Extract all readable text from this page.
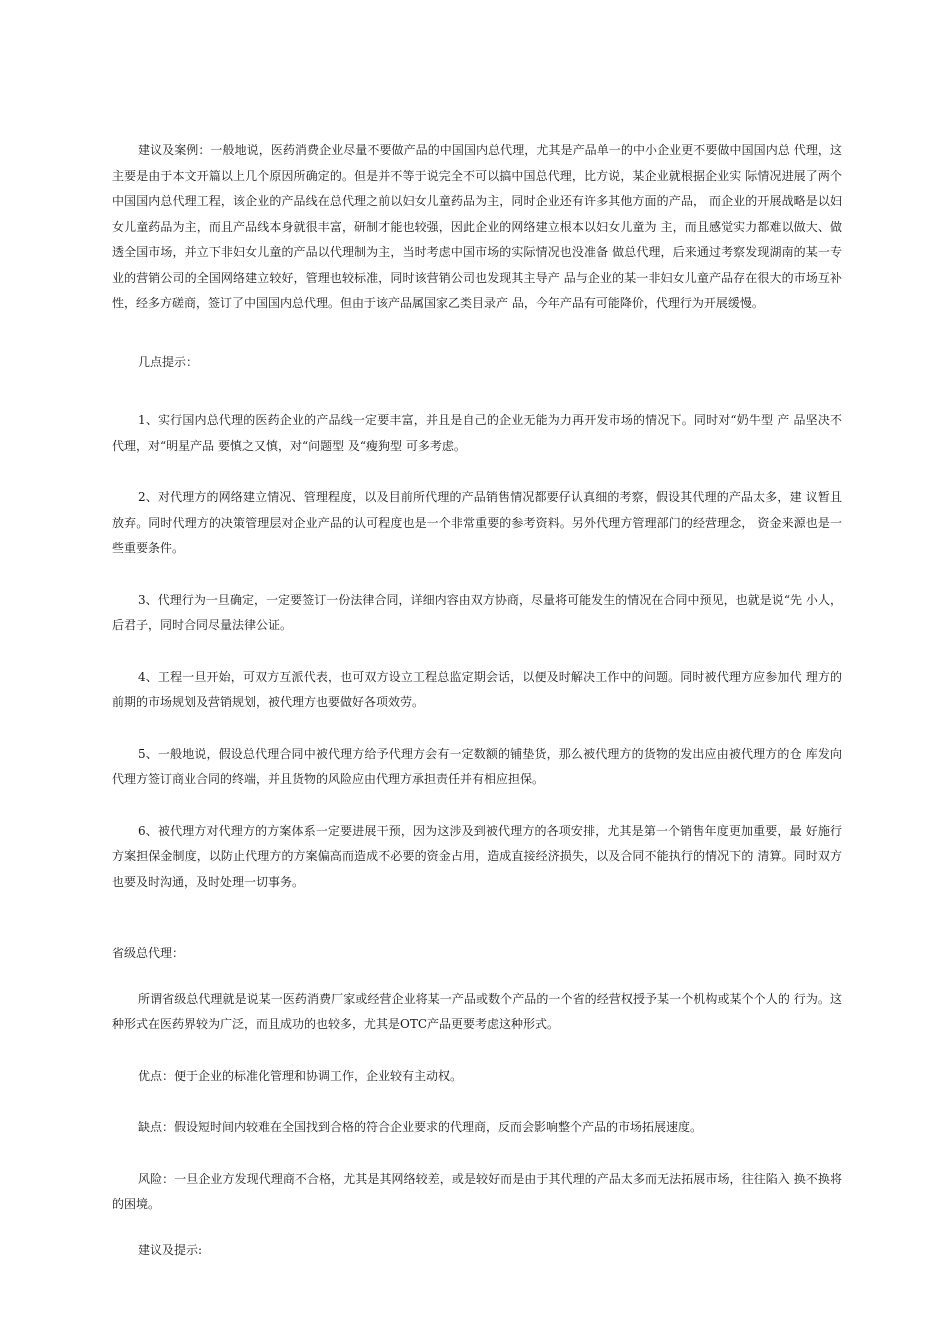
建议及案例：一般地说，医药消费企业尽量不要做产品的中国国内总代理，尤其是产品单一的中小企业更不要做中国国内总 代理，这主要是由于本文开篇以上几个原因所确定的。但是并不等于说完全不可以搞中国总代理，比方说，某企业就根据企业实 际情况进展了两个中国国内总代理工程，该企业的产品线在总代理之前以妇女儿童药品为主，同时企业还有许多其他方面的产品， 而企业的开展战略是以妇女儿童药品为主，而且产品线本身就很丰富，研制才能也较强，因此企业的网络建立根本以妇女儿童为 主，而且感觉实力都难以做大、做透全国市场，并立下非妇女儿童的产品以代理制为主，当时考虑中国市场的实际情况也没准备 做总代理，后来通过考察发现湖南的某一专业的营销公司的全国网络建立较好，管理也较标准，同时该营销公司也发现其主导产 品与企业的某一非妇女儿童产品存在很大的市场互补性，经多方磋商，签订了中国国内总代理。但由于该产品属国家乙类目录产 品，今年产品有可能降价，代理行为开展缓慢。

几点提示：

1、实行国内总代理的医药企业的产品线一定要丰富，并且是自己的企业无能为力再开发市场的情况下。同时对“奶牛型 产 品坚决不代理，对“明星产品 要慎之又慎，对“问题型 及“瘦狗型 可多考虑。

2、对代理方的网络建立情况、管理程度，以及目前所代理的产品销售情况都要仔认真细的考察，假设其代理的产品太多，建 议暂且放弃。同时代理方的决策管理层对企业产品的认可程度也是一个非常重要的参考资料。另外代理方管理部门的经营理念， 资金来源也是一些重要条件。

3、代理行为一旦确定，一定要签订一份法律合同，详细内容由双方协商，尽量将可能发生的情况在合同中预见，也就是说“先 小人，后君子，同时合同尽量法律公证。

4、工程一旦开始，可双方互派代表，也可双方设立工程总监定期会话，以便及时解决工作中的问题。同时被代理方应参加代 理方的前期的市场规划及营销规划，被代理方也要做好各项效劳。

5、一般地说，假设总代理合同中被代理方给予代理方会有一定数额的铺垫货，那么被代理方的货物的发出应由被代理方的仓 库发向代理方签订商业合同的终端，并且货物的风险应由代理方承担责任并有相应担保。

6、被代理方对代理方的方案体系一定要进展干预，因为这涉及到被代理方的各项安排，尤其是第一个销售年度更加重要，最 好施行方案担保金制度，以防止代理方的方案偏高而造成不必要的资金占用，造成直接经济损失，以及合同不能执行的情况下的 清算。同时双方也要及时沟通，及时处理一切事务。

省级总代理：

所谓省级总代理就是说某一医药消费厂家或经营企业将某一产品或数个产品的一个省的经营权授予某一个机构或某个个人的 行为。这种形式在医药界较为广泛，而且成功的也较多，尤其是OTC产品更要考虑这种形式。

优点：便于企业的标准化管理和协调工作，企业较有主动权。

缺点：假设短时间内较难在全国找到合格的符合企业要求的代理商，反而会影响整个产品的市场拓展速度。

风险：一旦企业方发现代理商不合格，尤其是其网络较差，或是较好而是由于其代理的产品太多而无法拓展市场，往往陷入 换不换将的困境。

建议及提示:
